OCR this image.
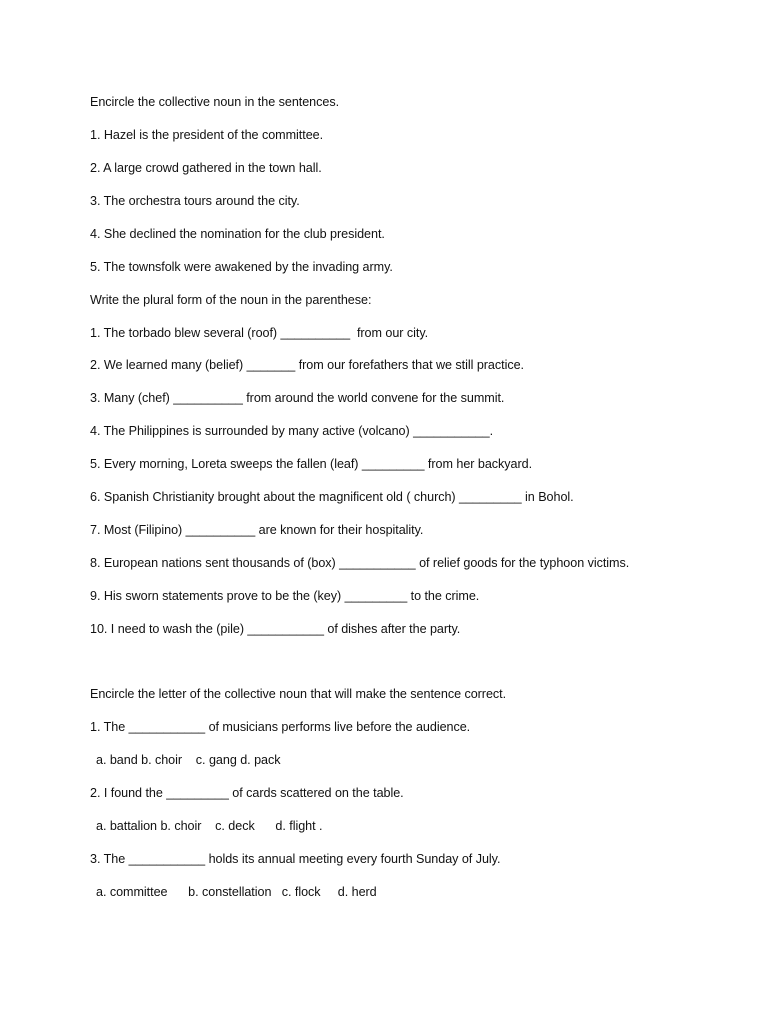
Encircle the collective noun in the sentences.
1. Hazel is the president of the committee.
2. A large crowd gathered in the town hall.
3. The orchestra tours around the city.
4. She declined the nomination for the club president.
5. The townsfolk were awakened by the invading army.
Write the plural form of the noun in the parenthese:
1. The torbado blew several (roof) __________  from our city.
2. We learned many (belief) _______ from our forefathers that we still practice.
3. Many (chef) __________ from around the world convene for the summit.
4. The Philippines is surrounded by many active (volcano) ___________.
5. Every morning, Loreta sweeps the fallen (leaf) _________ from her backyard.
6. Spanish Christianity brought about the magnificent old ( church) _________ in Bohol.
7. Most (Filipino) __________ are known for their hospitality.
8. European nations sent thousands of (box) ___________ of relief goods for the typhoon victims.
9. His sworn statements prove to be the (key) _________ to the crime.
10. I need to wash the (pile) ___________ of dishes after the party.
Encircle the letter of the collective noun that will make the sentence correct.
1. The ___________ of musicians performs live before the audience.
a. band b. choir    c. gang d. pack
2. I found the _________ of cards scattered on the table.
a. battalion b. choir    c. deck      d. flight .
3. The ___________ holds its annual meeting every fourth Sunday of July.
a. committee      b. constellation   c. flock     d. herd
